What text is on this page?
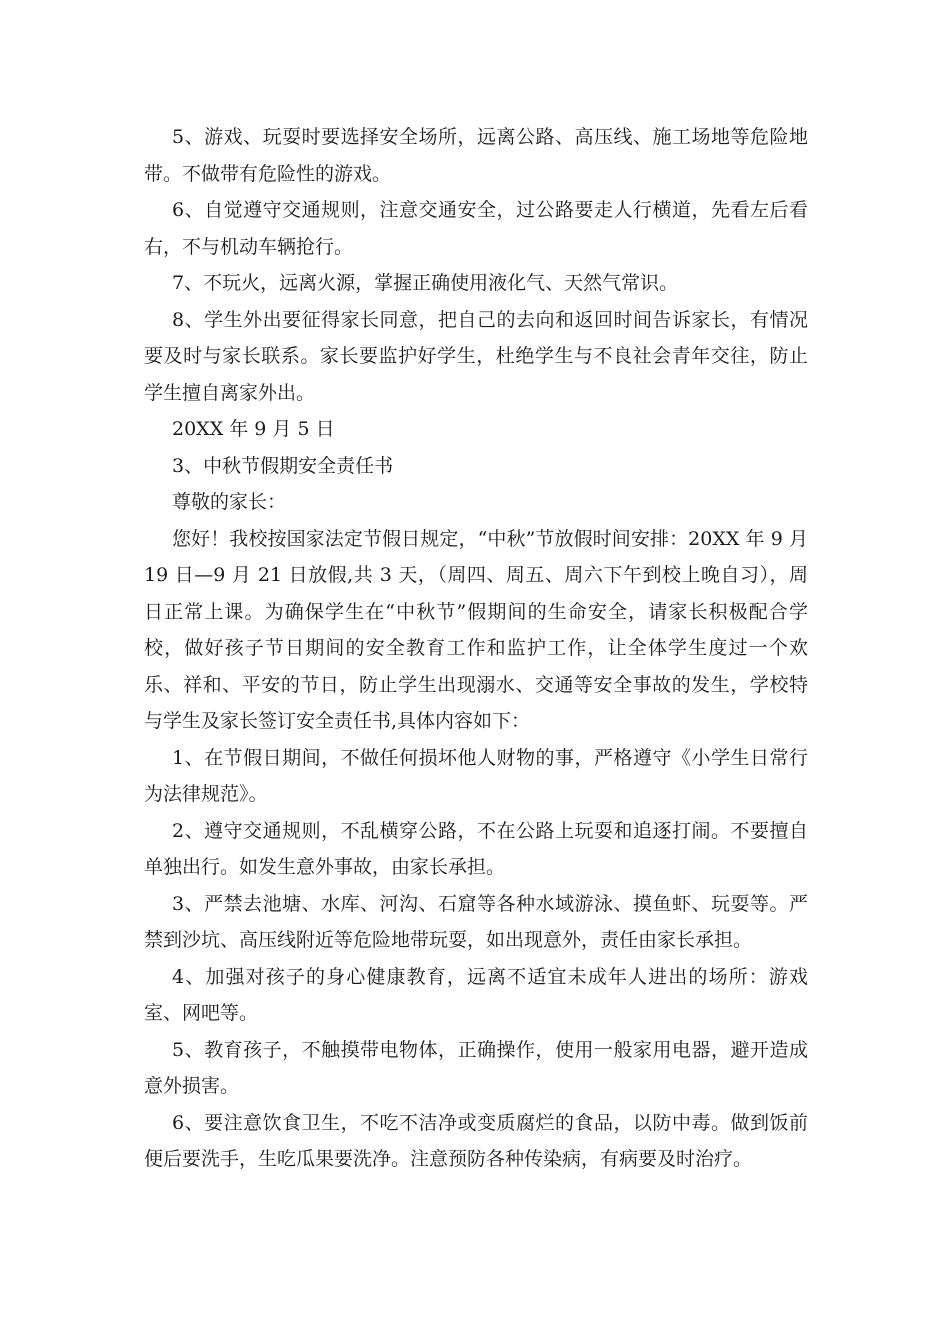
5、游戏、玩耍时要选择安全场所，远离公路、高压线、施工场地等危险地带。不做带有危险性的游戏。

6、自觉遵守交通规则，注意交通安全，过公路要走人行横道，先看左后看右，不与机动车辆抢行。

7、不玩火，远离火源，掌握正确使用液化气、天然气常识。

8、学生外出要征得家长同意，把自己的去向和返回时间告诉家长，有情况要及时与家长联系。家长要监护好学生，杜绝学生与不良社会青年交往，防止学生擅自离家外出。

20XX 年 9 月 5 日

3、中秋节假期安全责任书

尊敬的家长：

您好！我校按国家法定节假日规定，“中秋”节放假时间安排：20XX 年 9 月 19 日—9 月 21 日放假,共 3 天，（周四、周五、周六下午到校上晚自习），周日正常上课。为确保学生在“中秋节”假期间的生命安全，请家长积极配合学校，做好孩子节日期间的安全教育工作和监护工作，让全体学生度过一个欢乐、祥和、平安的节日，防止学生出现溺水、交通等安全事故的发生，学校特与学生及家长签订安全责任书,具体内容如下：

1、在节假日期间，不做任何损坏他人财物的事，严格遵守《小学生日常行为法律规范》。

2、遵守交通规则，不乱横穿公路，不在公路上玩耍和追逐打闹。不要擅自单独出行。如发生意外事故，由家长承担。

3、严禁去池塘、水库、河沟、石窟等各种水域游泳、摸鱼虾、玩耍等。严禁到沙坑、高压线附近等危险地带玩耍，如出现意外，责任由家长承担。

4、加强对孩子的身心健康教育，远离不适宜未成年人进出的场所：游戏室、网吧等。

5、教育孩子，不触摸带电物体，正确操作，使用一般家用电器，避开造成意外损害。

6、要注意饮食卫生，不吃不洁净或变质腐烂的食品，以防中毒。做到饭前便后要洗手，生吃瓜果要洗净。注意预防各种传染病，有病要及时治疗。
